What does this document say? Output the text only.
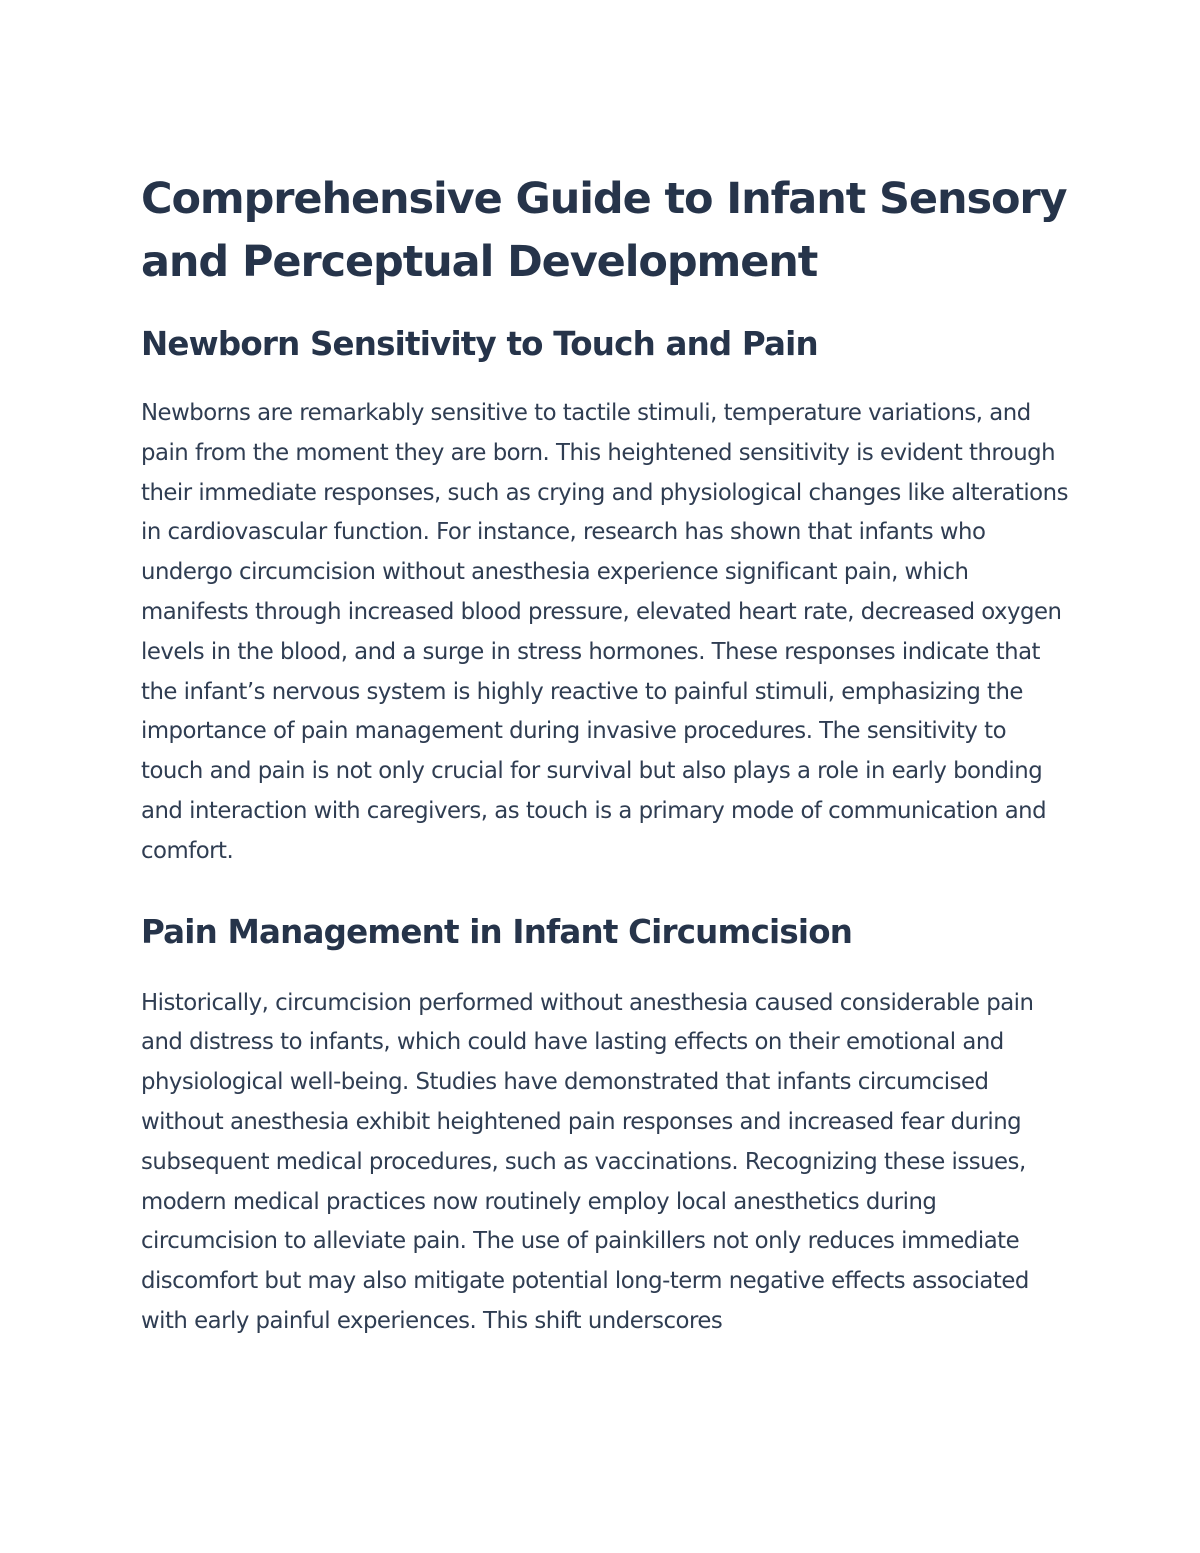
Comprehensive Guide to Infant Sensory and Perceptual Development
Newborn Sensitivity to Touch and Pain

Newborns are remarkably sensitive to tactile stimuli, temperature variations, and pain from the moment they are born. This heightened sensitivity is evident through their immediate responses, such as crying and physiological changes like alterations in cardiovascular function. For instance, research has shown that infants who undergo circumcision without anesthesia experience significant pain, which manifests through increased blood pressure, elevated heart rate, decreased oxygen levels in the blood, and a surge in stress hormones. These responses indicate that the infant’s nervous system is highly reactive to painful stimuli, emphasizing the importance of pain management during invasive procedures. The sensitivity to touch and pain is not only crucial for survival but also plays a role in early bonding and interaction with caregivers, as touch is a primary mode of communication and comfort.

Pain Management in Infant Circumcision

Historically, circumcision performed without anesthesia caused considerable pain and distress to infants, which could have lasting effects on their emotional and physiological well-being. Studies have demonstrated that infants circumcised without anesthesia exhibit heightened pain responses and increased fear during subsequent medical procedures, such as vaccinations. Recognizing these issues, modern medical practices now routinely employ local anesthetics during circumcision to alleviate pain. The use of painkillers not only reduces immediate discomfort but may also mitigate potential long-term negative effects associated with early painful experiences. This shift underscores
